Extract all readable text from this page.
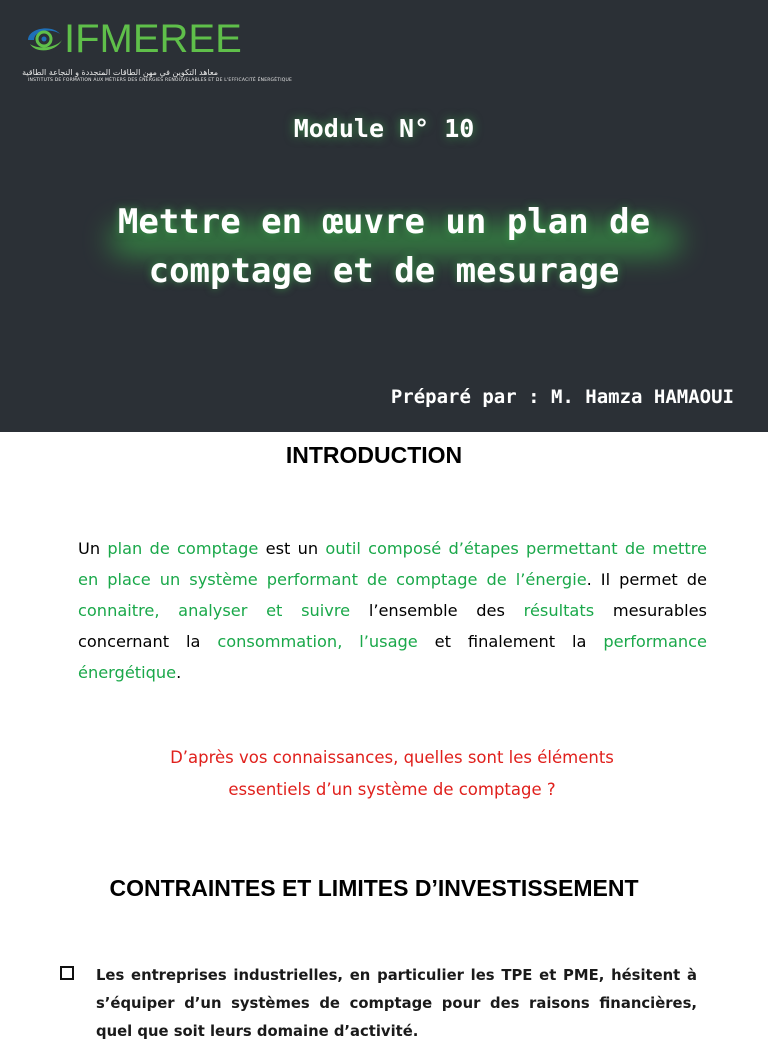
IFMEREE
معاهد التكوين في مهن الطاقات المتجددة و النجاعة الطاقية
INSTITUTS DE FORMATION AUX MÉTIERS DES ÉNERGIES RENOUVELABLES ET DE L'EFFICACITÉ ÉNERGÉTIQUE
Module N° 10
Mettre en œuvre un plan de
comptage et de mesurage
Préparé par : M. Hamza HAMAOUI
INTRODUCTION

Un plan de comptage est un outil composé d’étapes permettant de mettre en place un système performant de comptage de l’énergie. Il permet de connaitre, analyser et suivre l’ensemble des résultats mesurables concernant la consommation, l’usage et finalement la performance énergétique.

D’après vos connaissances, quelles sont les éléments
essentiels d’un système de comptage ?
CONTRAINTES ET LIMITES D’INVESTISSEMENT
Les entreprises industrielles, en particulier les TPE et PME, hésitent à s’équiper d’un systèmes de comptage pour des raisons financières, quel que soit leurs domaine d’activité.
